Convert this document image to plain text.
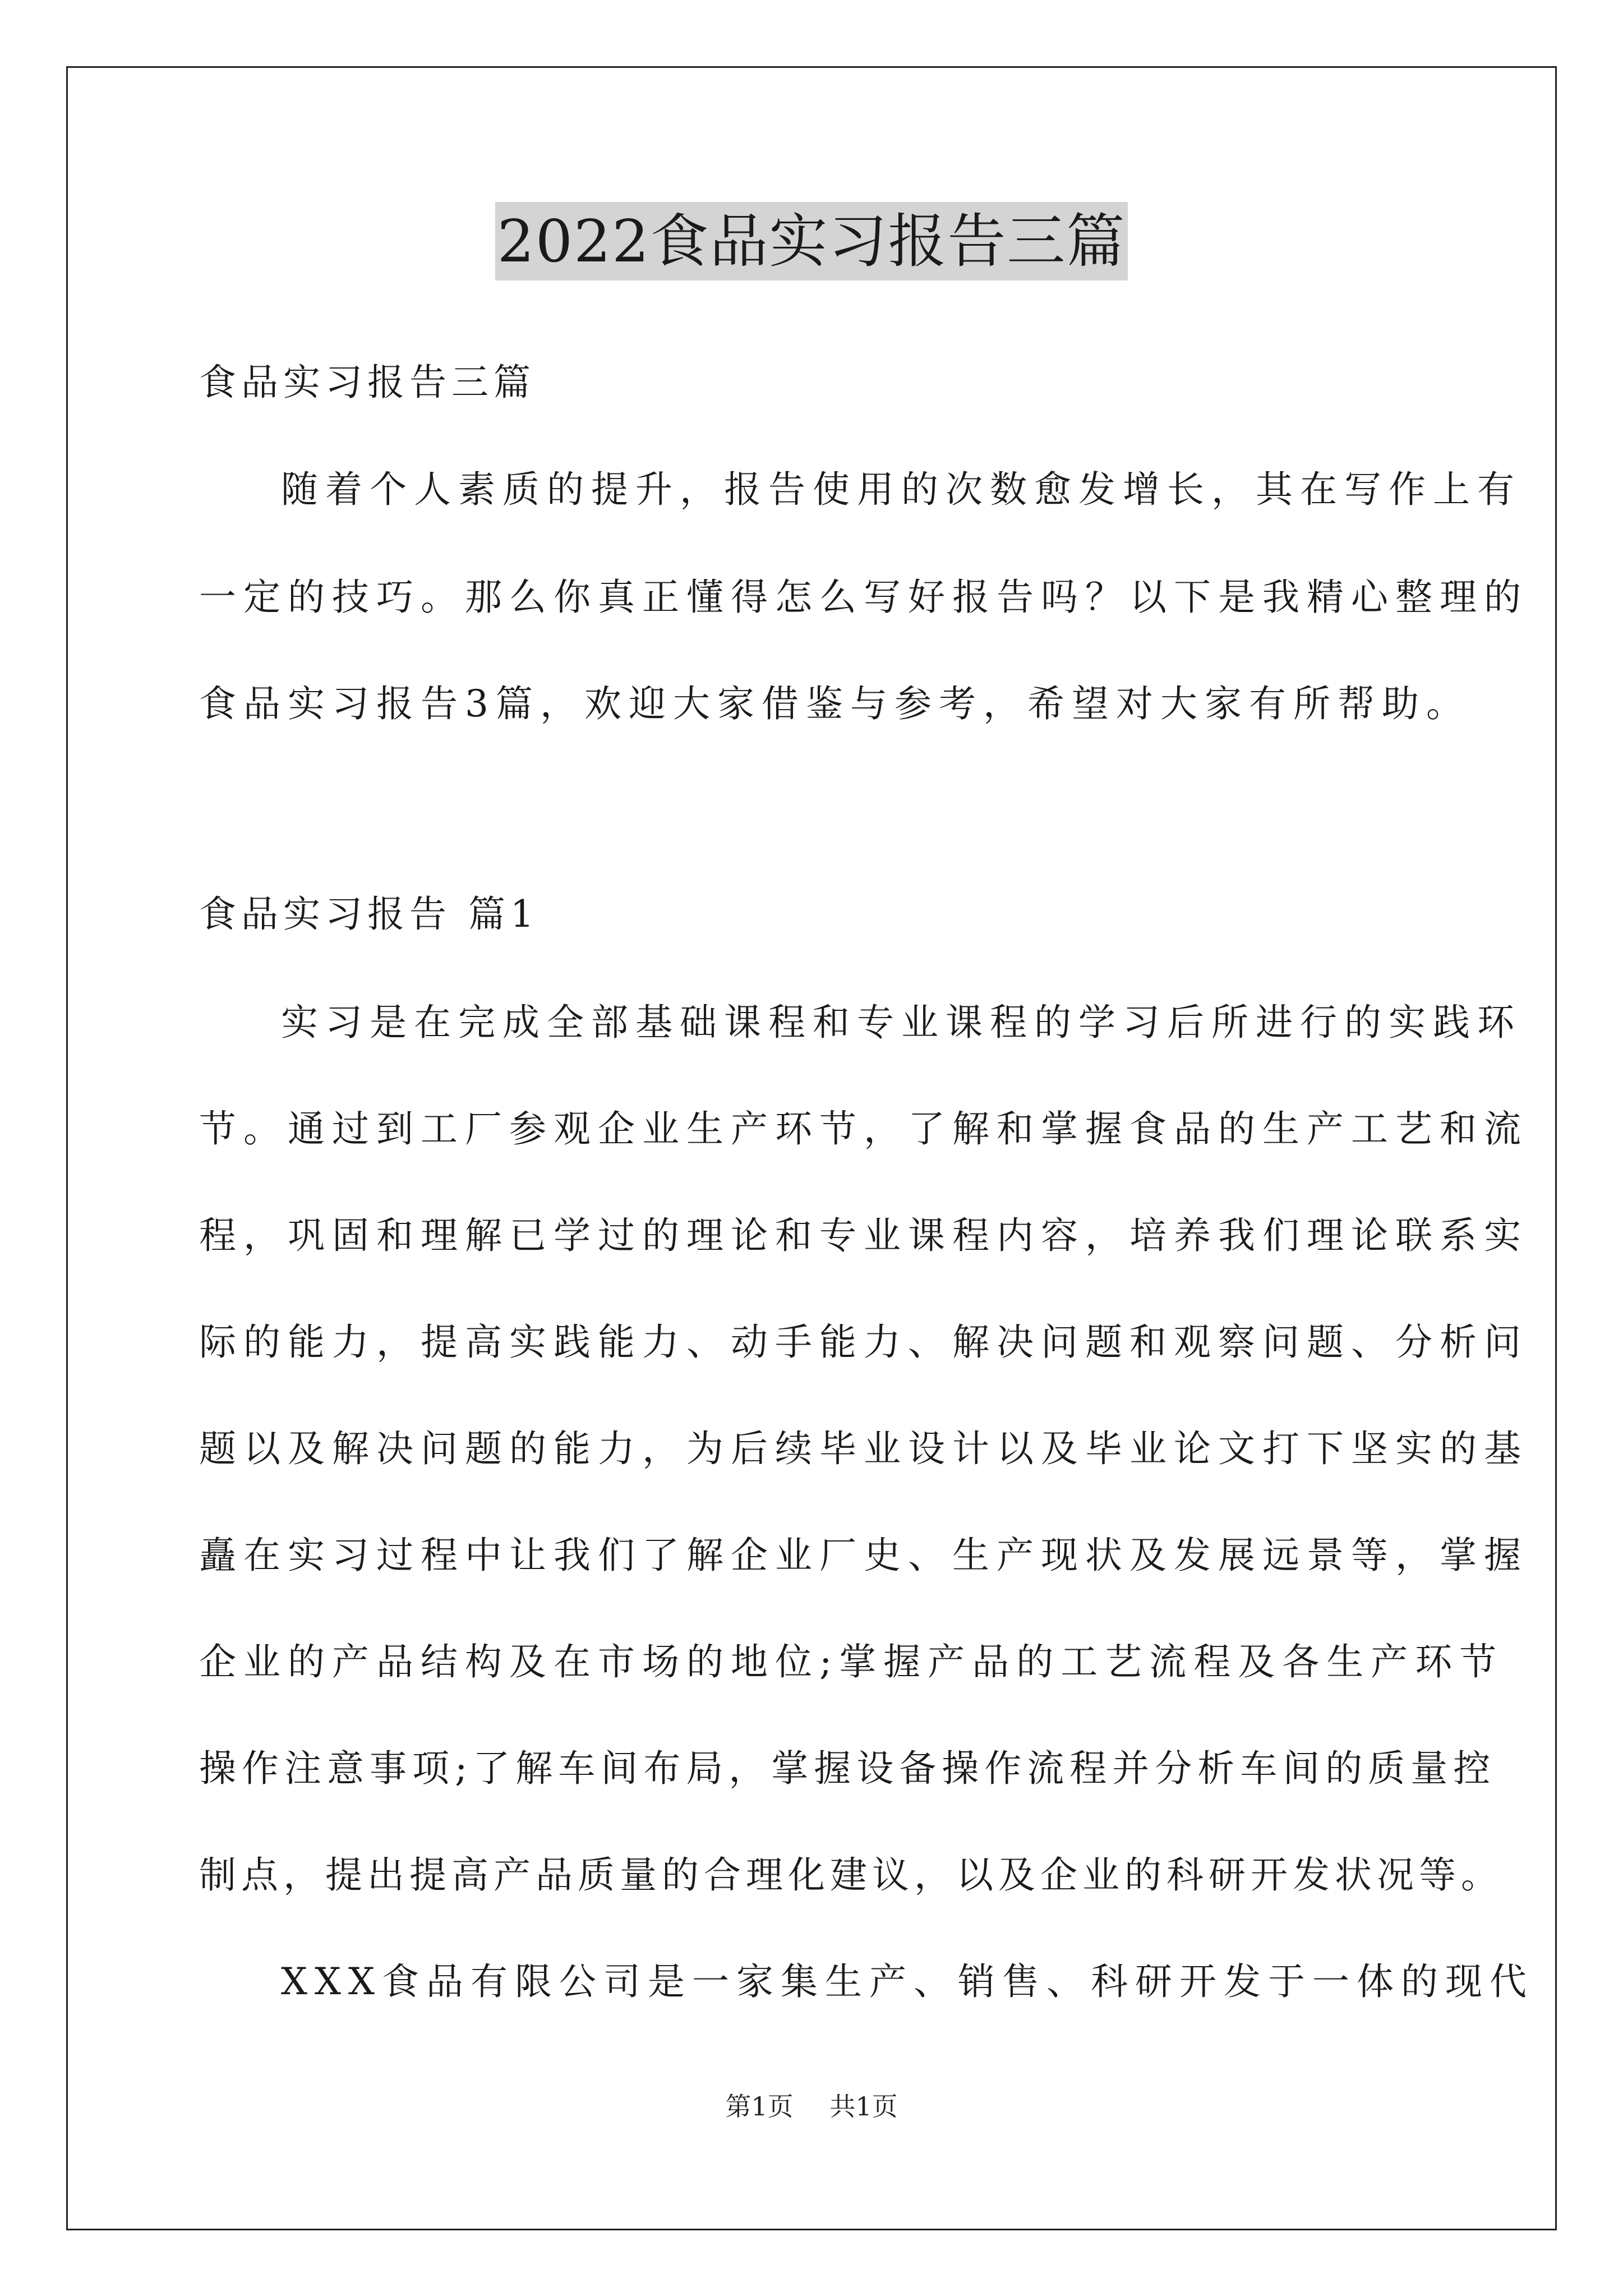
2022食品实习报告三篇

食品实习报告三篇

随着个人素质的提升，报告使用的次数愈发增长，其在写作上有

一定的技巧。那么你真正懂得怎么写好报告吗？以下是我精心整理的

食品实习报告3篇，欢迎大家借鉴与参考，希望对大家有所帮助。

食品实习报告 篇1

实习是在完成全部基础课程和专业课程的学习后所进行的实践环

节。通过到工厂参观企业生产环节，了解和掌握食品的生产工艺和流

程，巩固和理解已学过的理论和专业课程内容，培养我们理论联系实

际的能力，提高实践能力、动手能力、解决问题和观察问题、分析问

题以及解决问题的能力，为后续毕业设计以及毕业论文打下坚实的基

矗在实习过程中让我们了解企业厂史、生产现状及发展远景等，掌握

企业的产品结构及在市场的地位;掌握产品的工艺流程及各生产环节

操作注意事项;了解车间布局，掌握设备操作流程并分析车间的质量控

制点，提出提高产品质量的合理化建议，以及企业的科研开发状况等。

XXX食品有限公司是一家集生产、销售、科研开发于一体的现代

第1页 共1页
